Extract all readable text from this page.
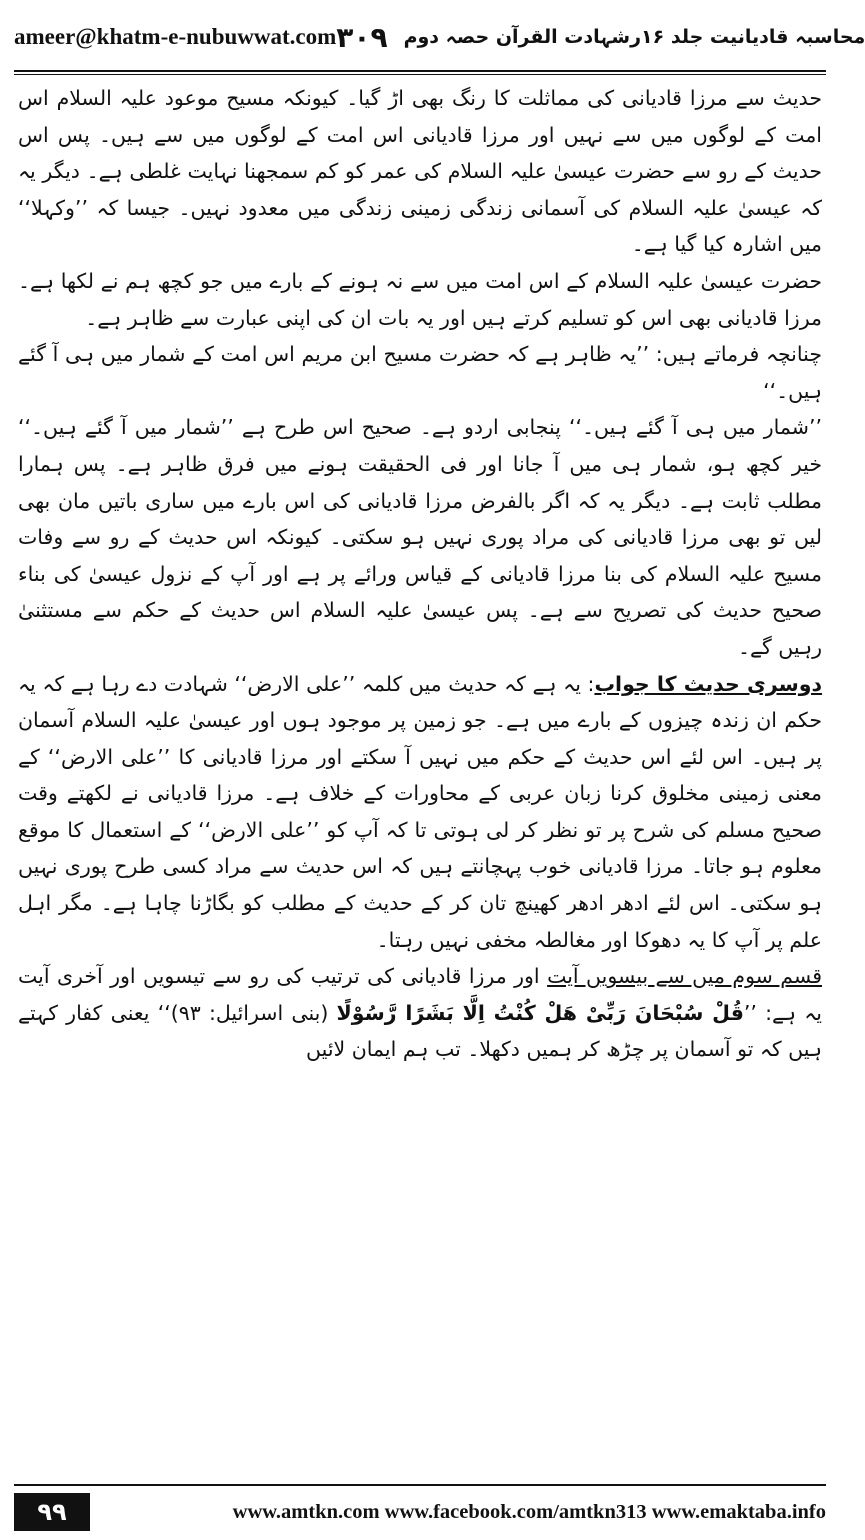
ameer@khatm-e-nubuwwat.com	محاسبہ قادیانیت جلد ۱۶رشہادت القرآن حصہ دوم
۳۰۹

حدیث سے مرزا قادیانی کی مماثلت کا رنگ بھی اڑ گیا۔ کیونکہ مسیح موعود علیہ السلام اس امت کے لوگوں میں سے نہیں اور مرزا قادیانی اس امت کے لوگوں میں سے ہیں۔ پس اس حدیث کے رو سے حضرت عیسیٰ علیہ السلام کی عمر کو کم سمجھنا نہایت غلطی ہے۔ دیگر یہ کہ عیسیٰ علیہ السلام کی آسمانی زندگی زمینی زندگی میں معدود نہیں۔ جیسا کہ ’’وکہلا‘‘ میں اشارہ کیا گیا ہے۔

حضرت عیسیٰ علیہ السلام کے اس امت میں سے نہ ہونے کے بارے میں جو کچھ ہم نے لکھا ہے۔ مرزا قادیانی بھی اس کو تسلیم کرتے ہیں اور یہ بات ان کی اپنی عبارت سے ظاہر ہے۔

چنانچہ فرماتے ہیں: ’’یہ ظاہر ہے کہ حضرت مسیح ابن مریم اس امت کے شمار میں ہی آ گئے ہیں۔‘‘

’’شمار میں ہی آ گئے ہیں۔‘‘ پنجابی اردو ہے۔ صحیح اس طرح ہے ’’شمار میں آ گئے ہیں۔‘‘ خیر کچھ ہو، شمار ہی میں آ جانا اور فی الحقیقت ہونے میں فرق ظاہر ہے۔ پس ہمارا مطلب ثابت ہے۔ دیگر یہ کہ اگر بالفرض مرزا قادیانی کی اس بارے میں ساری باتیں مان بھی لیں تو بھی مرزا قادیانی کی مراد پوری نہیں ہو سکتی۔ کیونکہ اس حدیث کے رو سے وفات مسیح علیہ السلام کی بنا مرزا قادیانی کے قیاس ورائے پر ہے اور آپ کے نزول عیسیٰ کی بناء صحیح حدیث کی تصریح سے ہے۔ پس عیسیٰ علیہ السلام اس حدیث کے حکم سے مستثنیٰ رہیں گے۔

دوسری حدیث کا جواب: یہ ہے کہ حدیث میں کلمہ ’’علی الارض‘‘ شہادت دے رہا ہے کہ یہ حکم ان زندہ چیزوں کے بارے میں ہے۔ جو زمین پر موجود ہوں اور عیسیٰ علیہ السلام آسمان پر ہیں۔ اس لئے اس حدیث کے حکم میں نہیں آ سکتے اور مرزا قادیانی کا ’’علی الارض‘‘ کے معنی زمینی مخلوق کرنا زبان عربی کے محاورات کے خلاف ہے۔ مرزا قادیانی نے لکھتے وقت صحیح مسلم کی شرح پر تو نظر کر لی ہوتی تا کہ آپ کو ’’علی الارض‘‘ کے استعمال کا موقع معلوم ہو جاتا۔ مرزا قادیانی خوب پہچانتے ہیں کہ اس حدیث سے مراد کسی طرح پوری نہیں ہو سکتی۔ اس لئے ادھر ادھر کھینچ تان کر کے حدیث کے مطلب کو بگاڑنا چاہا ہے۔ مگر اہل علم پر آپ کا یہ دھوکا اور مغالطہ مخفی نہیں رہتا۔

قسم سوم میں سے بیسویں آیت اور مرزا قادیانی کی ترتیب کی رو سے تیسویں اور آخری آیت یہ ہے: ’’قُلْ سُبْحَانَ رَبِّیْ هَلْ كُنْتُ اِلَّا بَشَرًا رَّسُوْلًا (بنی اسرائیل: ۹۳)‘‘ یعنی کفار کہتے ہیں کہ تو آسمان پر چڑھ کر ہمیں دکھلا۔ تب ہم ایمان لائیں

۹۹	www.amtkn.com www.facebook.com/amtkn313 www.emaktaba.info
